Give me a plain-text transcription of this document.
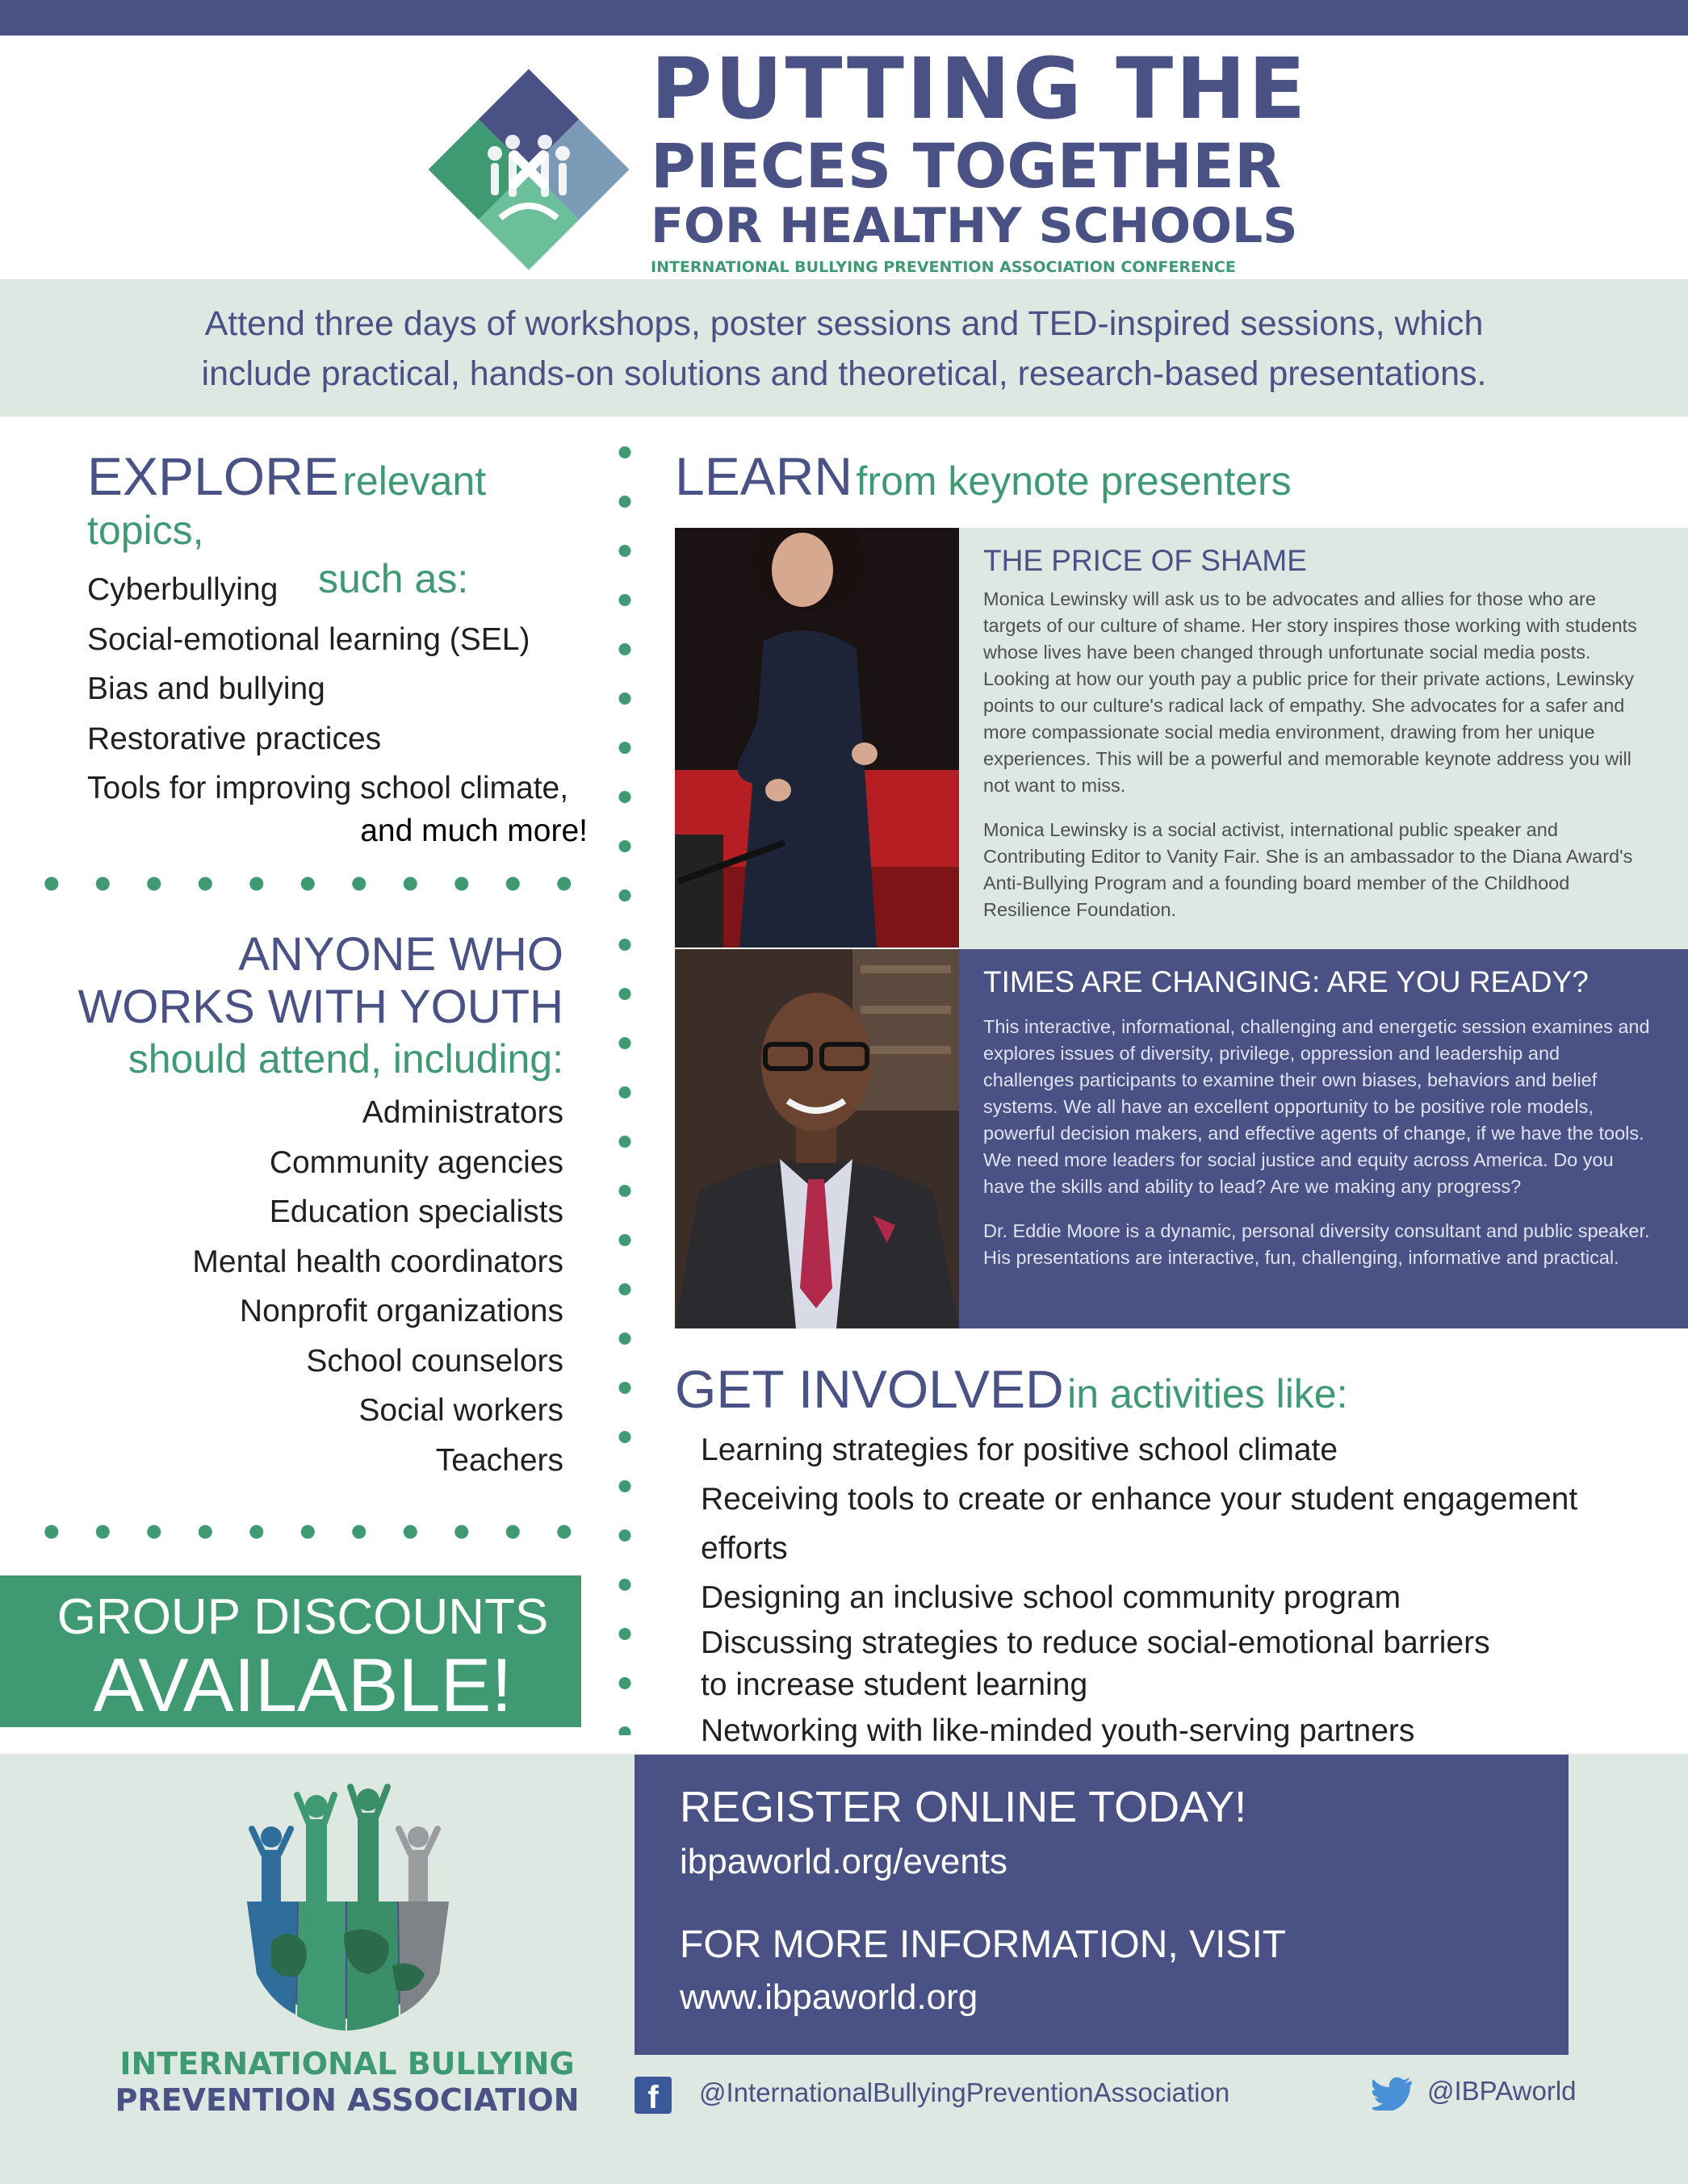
PUTTING THE
PIECES TOGETHER
FOR HEALTHY SCHOOLS
INTERNATIONAL BULLYING PREVENTION ASSOCIATION CONFERENCE
Attend three days of workshops, poster sessions and TED-inspired sessions, which
include practical, hands-on solutions and theoretical, research-based presentations.
EXPLORE relevant topics,
such as:
Cyberbullying
Social-emotional learning (SEL)
Bias and bullying
Restorative practices
Tools for improving school climate,
and much more!
ANYONE WHO
WORKS WITH YOUTH
should attend, including:
Administrators
Community agencies
Education specialists
Mental health coordinators
Nonprofit organizations
School counselors
Social workers
Teachers
GROUP DISCOUNTS
AVAILABLE!
LEARN from keynote presenters
THE PRICE OF SHAME
Monica Lewinsky will ask us to be advocates and allies for those who are targets of our culture of shame. Her story inspires those working with students whose lives have been changed through unfortunate social media posts. Looking at how our youth pay a public price for their private actions, Lewinsky points to our culture's radical lack of empathy. She advocates for a safer and more compassionate social media environment, drawing from her unique experiences. This will be a powerful and memorable keynote address you will not want to miss.
Monica Lewinsky is a social activist, international public speaker and Contributing Editor to Vanity Fair. She is an ambassador to the Diana Award's Anti-Bullying Program and a founding board member of the Childhood Resilience Foundation.
TIMES ARE CHANGING: ARE YOU READY?
This interactive, informational, challenging and energetic session examines and explores issues of diversity, privilege, oppression and leadership and challenges participants to examine their own biases, behaviors and belief systems. We all have an excellent opportunity to be positive role models, powerful decision makers, and effective agents of change, if we have the tools. We need more leaders for social justice and equity across America. Do you have the skills and ability to lead? Are we making any progress?
Dr. Eddie Moore is a dynamic, personal diversity consultant and public speaker. His presentations are interactive, fun, challenging, informative and practical.
GET INVOLVED in activities like:
Learning strategies for positive school climate
Receiving tools to create or enhance your student engagement efforts
Designing an inclusive school community program
Discussing strategies to reduce social-emotional barriers
to increase student learning
Networking with like-minded youth-serving partners
INTERNATIONAL BULLYING
PREVENTION ASSOCIATION
REGISTER ONLINE TODAY!
ibpaworld.org/events
FOR MORE INFORMATION, VISIT
www.ibpaworld.org
f	@InternationalBullyingPreventionAssociation	@IBPAworld
